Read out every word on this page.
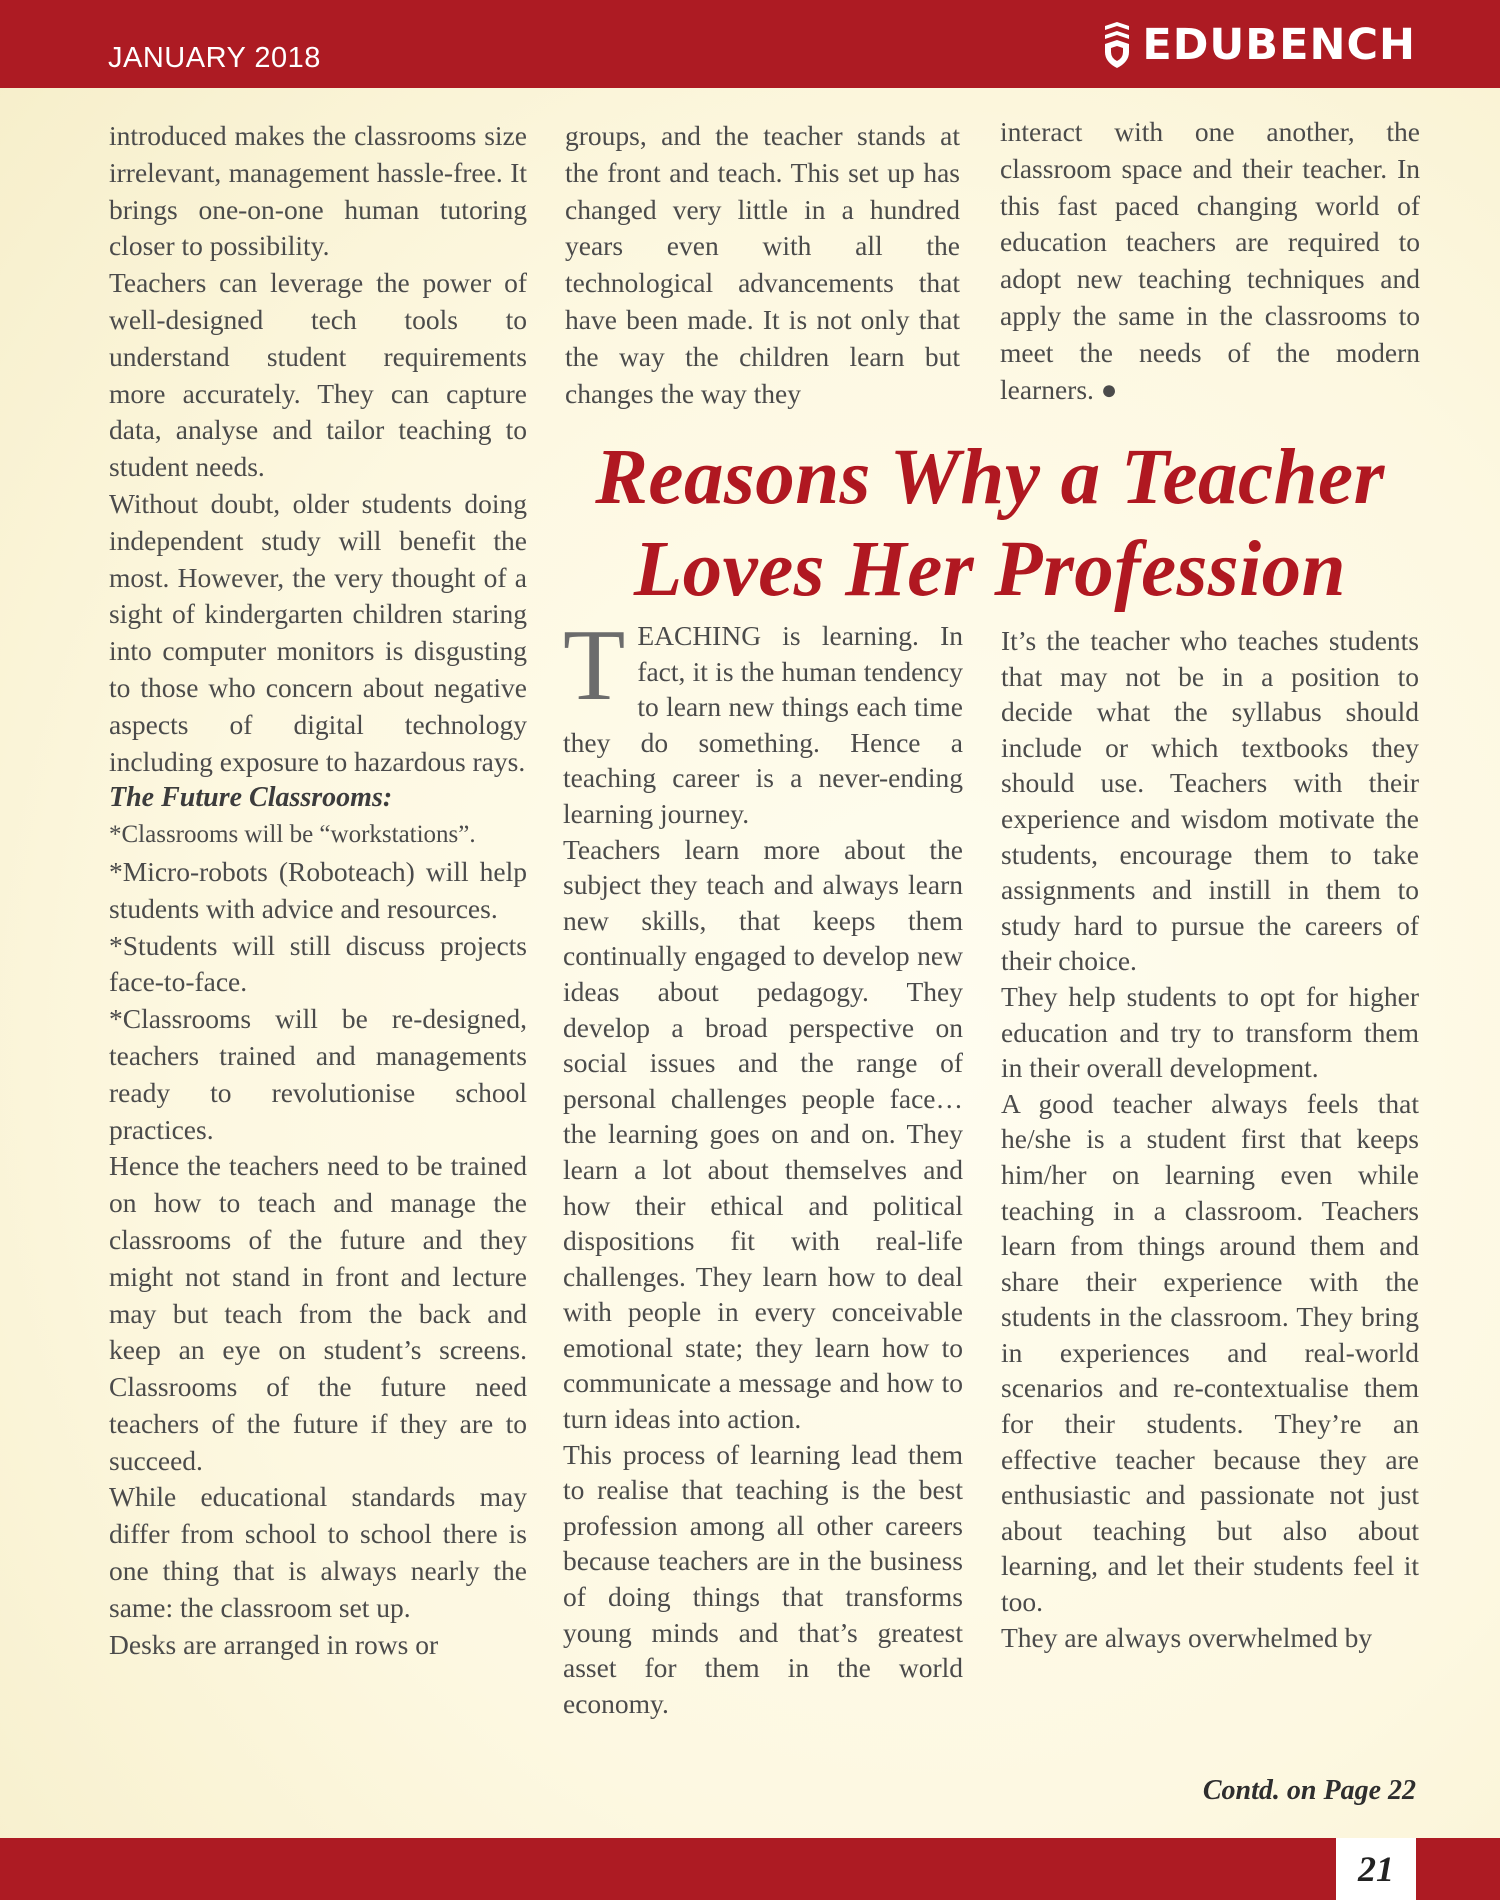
JANUARY 2018	EDUBENCH

introduced makes the classrooms size irrelevant, management hassle-free. It brings one-on-one human tutoring closer to possibility.

Teachers can leverage the power of well-designed tech tools to understand student requirements more accurately. They can capture data, analyse and tailor teaching to student needs.

Without doubt, older students doing independent study will benefit the most. However, the very thought of a sight of kindergarten children staring into computer monitors is disgusting to those who concern about negative aspects of digital technology including exposure to hazardous rays.

The Future Classrooms:

*Classrooms will be “workstations”.

*Micro-robots (Roboteach) will help students with advice and resources.

*Students will still discuss projects face-to-face.

*Classrooms will be re-designed, teachers trained and managements ready to revolutionise school practices.

Hence the teachers need to be trained on how to teach and manage the classrooms of the future and they might not stand in front and lecture may but teach from the back and keep an eye on student’s screens. Classrooms of the future need teachers of the future if they are to succeed.

While educational standards may differ from school to school there is one thing that is always nearly the same: the classroom set up.

Desks are arranged in rows or

groups, and the teacher stands at the front and teach. This set up has changed very little in a hundred years even with all the technological advancements that have been made. It is not only that the way the children learn but changes the way they

interact with one another, the classroom space and their teacher. In this fast paced changing world of education teachers are required to adopt new teaching techniques and apply the same in the classrooms to meet the needs of the modern learners. ●

Reasons Why a Teacher
Loves Her Profession

TEACHING is learning. In fact, it is the human tendency to learn new things each time they do something. Hence a teaching career is a never-ending learning journey.

Teachers learn more about the subject they teach and always learn new skills, that keeps them continually engaged to develop new ideas about pedagogy. They develop a broad perspective on social issues and the range of personal challenges people face…the learning goes on and on. They learn a lot about themselves and how their ethical and political dispositions fit with real-life challenges. They learn how to deal with people in every conceivable emotional state; they learn how to communicate a message and how to turn ideas into action.

This process of learning lead them to realise that teaching is the best profession among all other careers because teachers are in the business of doing things that transforms young minds and that’s greatest asset for them in the world economy.

It’s the teacher who teaches students that may not be in a position to decide what the syllabus should include or which textbooks they should use. Teachers with their experience and wisdom motivate the students, encourage them to take assignments and instill in them to study hard to pursue the careers of their choice.

They help students to opt for higher education and try to transform them in their overall development.

A good teacher always feels that he/she is a student first that keeps him/her on learning even while teaching in a classroom. Teachers learn from things around them and share their experience with the students in the classroom. They bring in experiences and real-world scenarios and re-contextualise them for their students. They’re an effective teacher because they are enthusiastic and passionate not just about teaching but also about learning, and let their students feel it too.

They are always overwhelmed by

Contd. on Page 22
21
